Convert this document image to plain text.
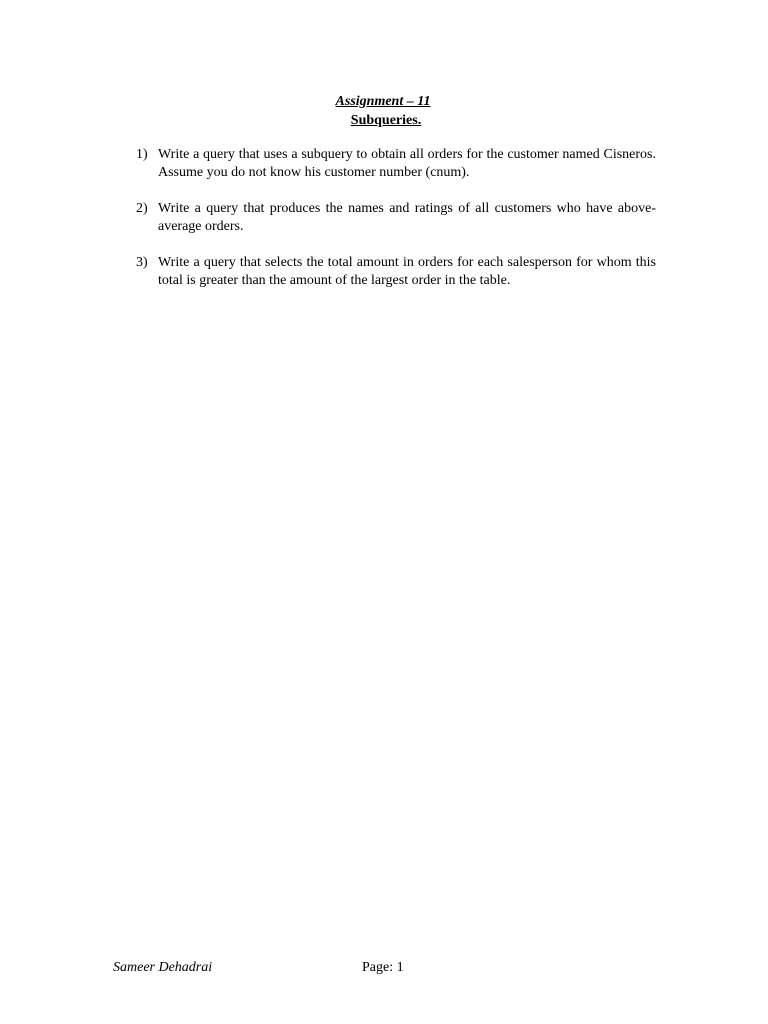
Assignment – 11
Subqueries.
1) Write a query that uses a subquery to obtain all orders for the customer named Cisneros. Assume you do not know his customer number (cnum).
2) Write a query that produces the names and ratings of all customers who have above-average orders.
3) Write a query that selects the total amount in orders for each salesperson for whom this total is greater than the amount of the largest order in the table.
Sameer Dehadrai	Page: 1
